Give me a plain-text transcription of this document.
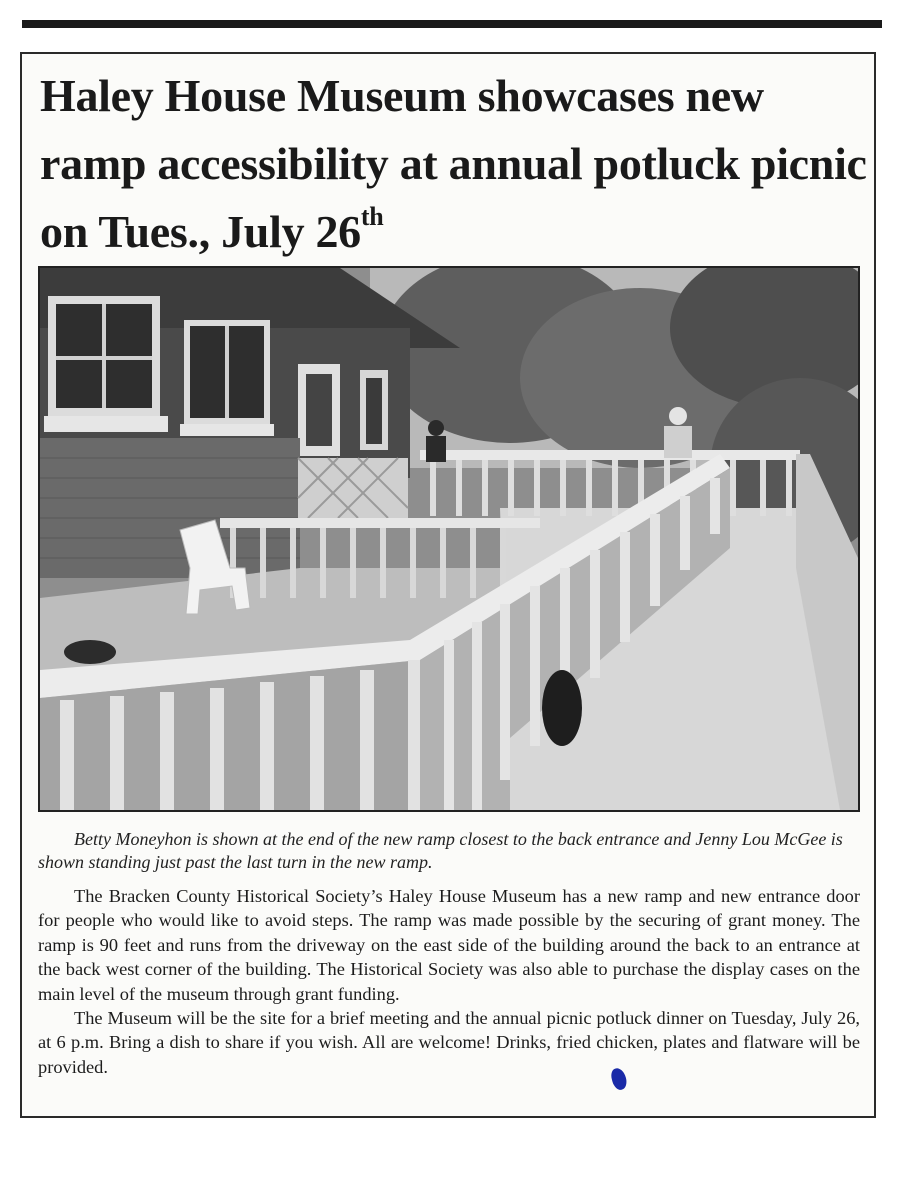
Haley House Museum showcases new ramp accessibility at annual potluck picnic on Tues., July 26th

Betty Moneyhon is shown at the end of the new ramp closest to the back entrance and Jenny Lou McGee is shown standing just past the last turn in the new ramp.

The Bracken County Historical Society’s Haley House Museum has a new ramp and new entrance door for people who would like to avoid steps. The ramp was made possible by the securing of grant money. The ramp is 90 feet and runs from the driveway on the east side of the building around the back to an entrance at the back west corner of the building. The Historical Society was also able to purchase the display cases on the main level of the museum through grant funding.

The Museum will be the site for a brief meeting and the annual picnic potluck dinner on Tuesday, July 26, at 6 p.m. Bring a dish to share if you wish. All are welcome! Drinks, fried chicken, plates and flatware will be provided.
